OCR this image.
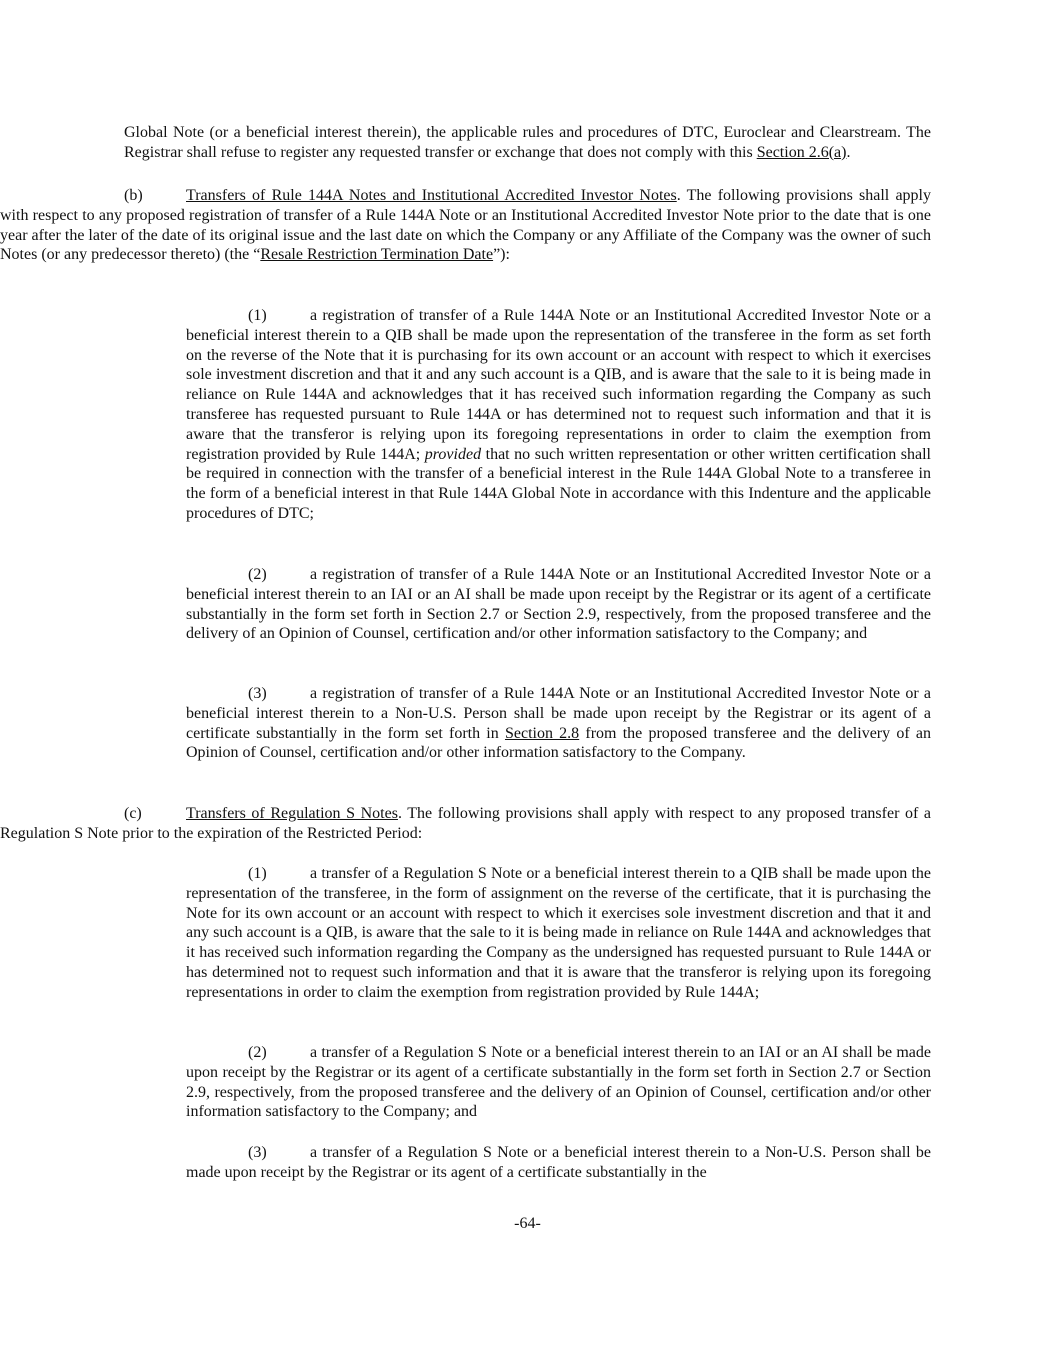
Global Note (or a beneficial interest therein), the applicable rules and procedures of DTC, Euroclear and Clearstream. The Registrar shall refuse to register any requested transfer or exchange that does not comply with this Section 2.6(a).

(b)	Transfers of Rule 144A Notes and Institutional Accredited Investor Notes. The following provisions shall apply with respect to any proposed registration of transfer of a Rule 144A Note or an Institutional Accredited Investor Note prior to the date that is one year after the later of the date of its original issue and the last date on which the Company or any Affiliate of the Company was the owner of such Notes (or any predecessor thereto) (the “Resale Restriction Termination Date”):

(1)	a registration of transfer of a Rule 144A Note or an Institutional Accredited Investor Note or a beneficial interest therein to a QIB shall be made upon the representation of the transferee in the form as set forth on the reverse of the Note that it is purchasing for its own account or an account with respect to which it exercises sole investment discretion and that it and any such account is a QIB, and is aware that the sale to it is being made in reliance on Rule 144A and acknowledges that it has received such information regarding the Company as such transferee has requested pursuant to Rule 144A or has determined not to request such information and that it is aware that the transferor is relying upon its foregoing representations in order to claim the exemption from registration provided by Rule 144A; provided that no such written representation or other written certification shall be required in connection with the transfer of a beneficial interest in the Rule 144A Global Note to a transferee in the form of a beneficial interest in that Rule 144A Global Note in accordance with this Indenture and the applicable procedures of DTC;

(2)	a registration of transfer of a Rule 144A Note or an Institutional Accredited Investor Note or a beneficial interest therein to an IAI or an AI shall be made upon receipt by the Registrar or its agent of a certificate substantially in the form set forth in Section 2.7 or Section 2.9, respectively, from the proposed transferee and the delivery of an Opinion of Counsel, certification and/or other information satisfactory to the Company; and

(3)	a registration of transfer of a Rule 144A Note or an Institutional Accredited Investor Note or a beneficial interest therein to a Non-U.S. Person shall be made upon receipt by the Registrar or its agent of a certificate substantially in the form set forth in Section 2.8 from the proposed transferee and the delivery of an Opinion of Counsel, certification and/or other information satisfactory to the Company.

(c)	Transfers of Regulation S Notes. The following provisions shall apply with respect to any proposed transfer of a Regulation S Note prior to the expiration of the Restricted Period:

(1)	a transfer of a Regulation S Note or a beneficial interest therein to a QIB shall be made upon the representation of the transferee, in the form of assignment on the reverse of the certificate, that it is purchasing the Note for its own account or an account with respect to which it exercises sole investment discretion and that it and any such account is a QIB, is aware that the sale to it is being made in reliance on Rule 144A and acknowledges that it has received such information regarding the Company as the undersigned has requested pursuant to Rule 144A or has determined not to request such information and that it is aware that the transferor is relying upon its foregoing representations in order to claim the exemption from registration provided by Rule 144A;

(2)	a transfer of a Regulation S Note or a beneficial interest therein to an IAI or an AI shall be made upon receipt by the Registrar or its agent of a certificate substantially in the form set forth in Section 2.7 or Section 2.9, respectively, from the proposed transferee and the delivery of an Opinion of Counsel, certification and/or other information satisfactory to the Company; and

(3)	a transfer of a Regulation S Note or a beneficial interest therein to a Non-U.S. Person shall be made upon receipt by the Registrar or its agent of a certificate substantially in the

-64-
